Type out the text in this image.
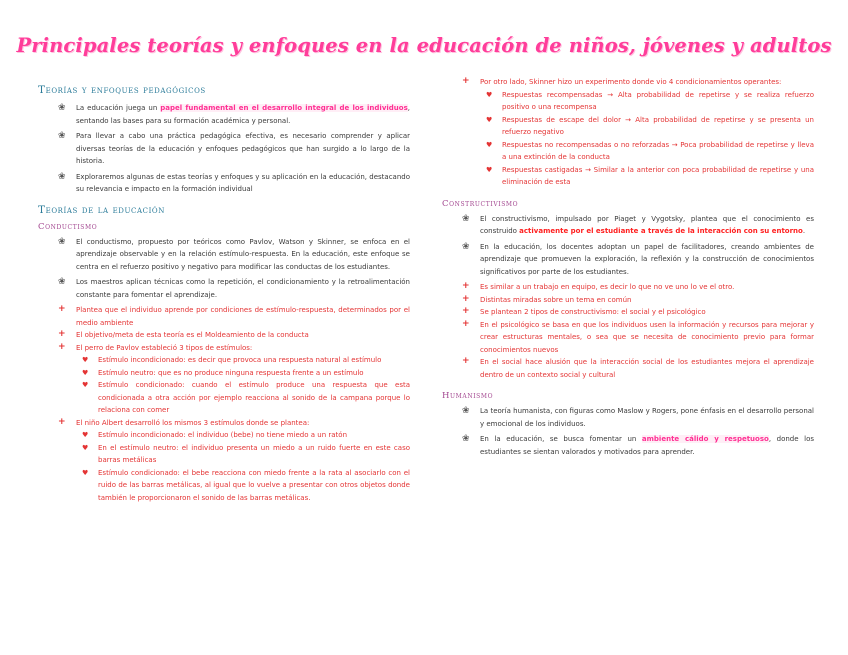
Principales teorías y enfoques en la educación de niños, jóvenes y adultos
Teorías y enfoques pedagógicos

❀ La educación juega un papel fundamental en el desarrollo integral de los individuos, sentando las bases para su formación académica y personal.

❀ Para llevar a cabo una práctica pedagógica efectiva, es necesario comprender y aplicar diversas teorías de la educación y enfoques pedagógicos que han surgido a lo largo de la historia.

❀ Exploraremos algunas de estas teorías y enfoques y su aplicación en la educación, destacando su relevancia e impacto en la formación individual

Teorías de la educación
Conductismo

❀ El conductismo, propuesto por teóricos como Pavlov, Watson y Skinner, se enfoca en el aprendizaje observable y en la relación estímulo-respuesta. En la educación, este enfoque se centra en el refuerzo positivo y negativo para modificar las conductas de los estudiantes.

❀ Los maestros aplican técnicas como la repetición, el condicionamiento y la retroalimentación constante para fomentar el aprendizaje.

+ Plantea que el individuo aprende por condiciones de estímulo-respuesta, determinados por el medio ambiente

+ El objetivo/meta de esta teoría es el Moldeamiento de la conducta

+ El perro de Pavlov estableció 3 tipos de estímulos:

♥ Estímulo incondicionado: es decir que provoca una respuesta natural al estímulo

♥ Estímulo neutro: que es no produce ninguna respuesta frente a un estímulo

♥ Estímulo condicionado: cuando el estímulo produce una respuesta que esta condicionada a otra acción por ejemplo reacciona al sonido de la campana porque lo relaciona con comer

+ El niño Albert desarrolló los mismos 3 estímulos donde se plantea:

♥ Estímulo incondicionado: el individuo (bebe) no tiene miedo a un ratón

♥ En el estímulo neutro: el individuo presenta un miedo a un ruido fuerte en este caso barras metálicas

♥ Estímulo condicionado: el bebe reacciona con miedo frente a la rata al asociarlo con el ruido de las barras metálicas, al igual que lo vuelve a presentar con otros objetos donde también le proporcionaron el sonido de las barras metálicas.

+ Por otro lado, Skinner hizo un experimento donde vio 4 condicionamientos operantes:

♥ Respuestas recompensadas → Alta probabilidad de repetirse y se realiza refuerzo positivo o una recompensa

♥ Respuestas de escape del dolor → Alta probabilidad de repetirse y se presenta un refuerzo negativo

♥ Respuestas no recompensadas o no reforzadas → Poca probabilidad de repetirse y lleva a una extinción de la conducta

♥ Respuestas castigadas → Similar a la anterior con poca probabilidad de repetirse y una eliminación de esta

Constructivismo

❀ El constructivismo, impulsado por Piaget y Vygotsky, plantea que el conocimiento es construido activamente por el estudiante a través de la interacción con su entorno.

❀ En la educación, los docentes adoptan un papel de facilitadores, creando ambientes de aprendizaje que promueven la exploración, la reflexión y la construcción de conocimientos significativos por parte de los estudiantes.

+ Es similar a un trabajo en equipo, es decir lo que no ve uno lo ve el otro.

+ Distintas miradas sobre un tema en común

+ Se plantean 2 tipos de constructivismo: el social y el psicológico

+ En el psicológico se basa en que los individuos usen la información y recursos para mejorar y crear estructuras mentales, o sea que se necesita de conocimiento previo para formar conocimientos nuevos

+ En el social hace alusión que la interacción social de los estudiantes mejora el aprendizaje dentro de un contexto social y cultural

Humanismo

❀ La teoría humanista, con figuras como Maslow y Rogers, pone énfasis en el desarrollo personal y emocional de los individuos.

❀ En la educación, se busca fomentar un ambiente cálido y respetuoso, donde los estudiantes se sientan valorados y motivados para aprender.
